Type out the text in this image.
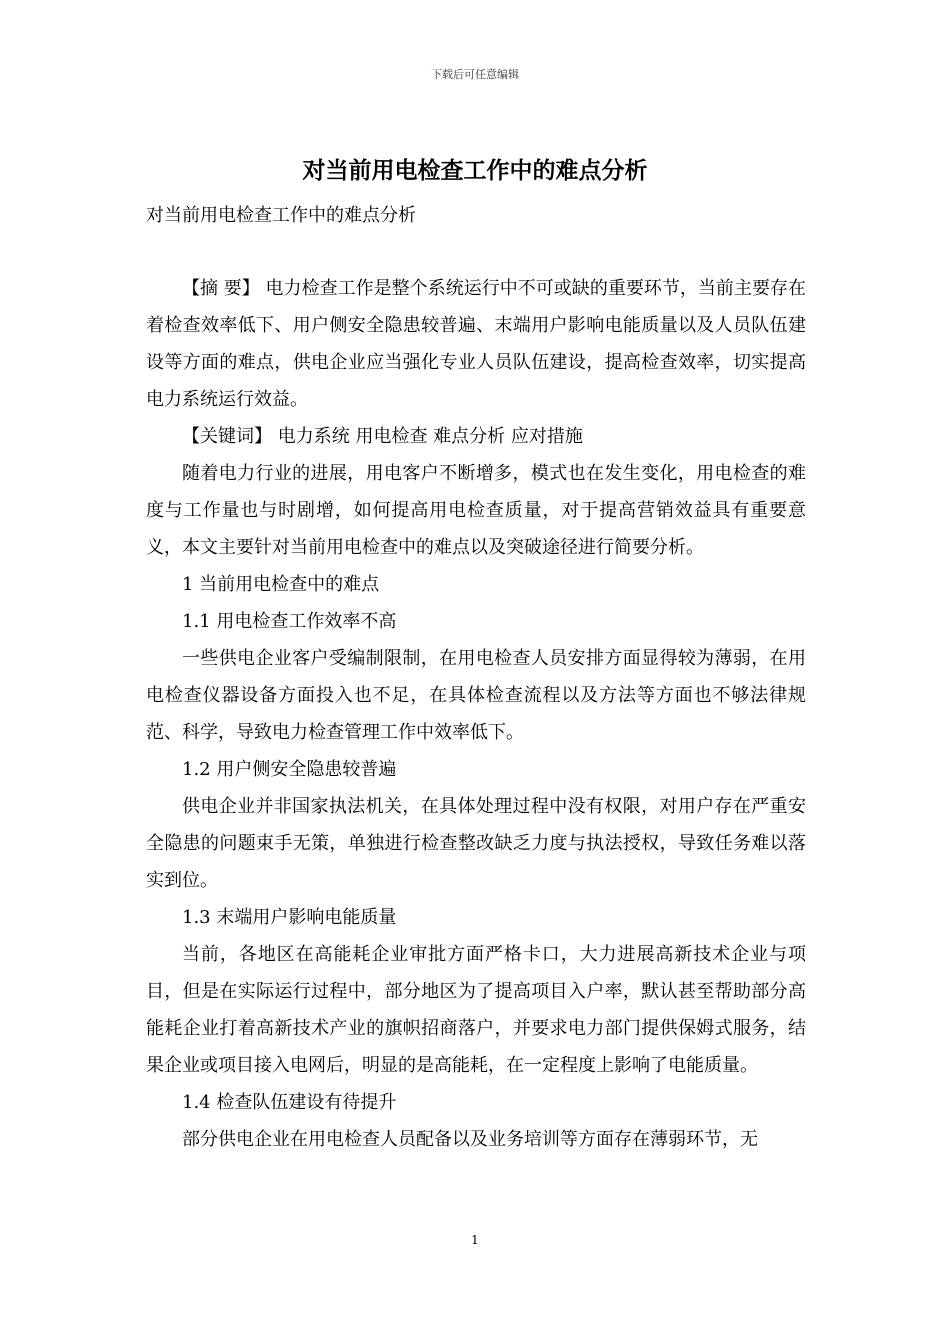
下载后可任意编辑
对当前用电检查工作中的难点分析
对当前用电检查工作中的难点分析

【摘 要】 电力检查工作是整个系统运行中不可或缺的重要环节，当前主要存在着检查效率低下、用户侧安全隐患较普遍、末端用户影响电能质量以及人员队伍建设等方面的难点，供电企业应当强化专业人员队伍建设，提高检查效率，切实提高电力系统运行效益。

【关键词】 电力系统 用电检查 难点分析 应对措施

随着电力行业的进展，用电客户不断增多，模式也在发生变化，用电检查的难度与工作量也与时剧增，如何提高用电检查质量，对于提高营销效益具有重要意义，本文主要针对当前用电检查中的难点以及突破途径进行简要分析。

1 当前用电检查中的难点

1.1 用电检查工作效率不高

一些供电企业客户受编制限制，在用电检查人员安排方面显得较为薄弱，在用电检查仪器设备方面投入也不足，在具体检查流程以及方法等方面也不够法律规范、科学，导致电力检查管理工作中效率低下。

1.2 用户侧安全隐患较普遍

供电企业并非国家执法机关，在具体处理过程中没有权限，对用户存在严重安全隐患的问题束手无策，单独进行检查整改缺乏力度与执法授权，导致任务难以落实到位。

1.3 末端用户影响电能质量

当前，各地区在高能耗企业审批方面严格卡口，大力进展高新技术企业与项目，但是在实际运行过程中，部分地区为了提高项目入户率，默认甚至帮助部分高能耗企业打着高新技术产业的旗帜招商落户，并要求电力部门提供保姆式服务，结果企业或项目接入电网后，明显的是高能耗，在一定程度上影响了电能质量。

1.4 检查队伍建设有待提升

部分供电企业在用电检查人员配备以及业务培训等方面存在薄弱环节，无

1
